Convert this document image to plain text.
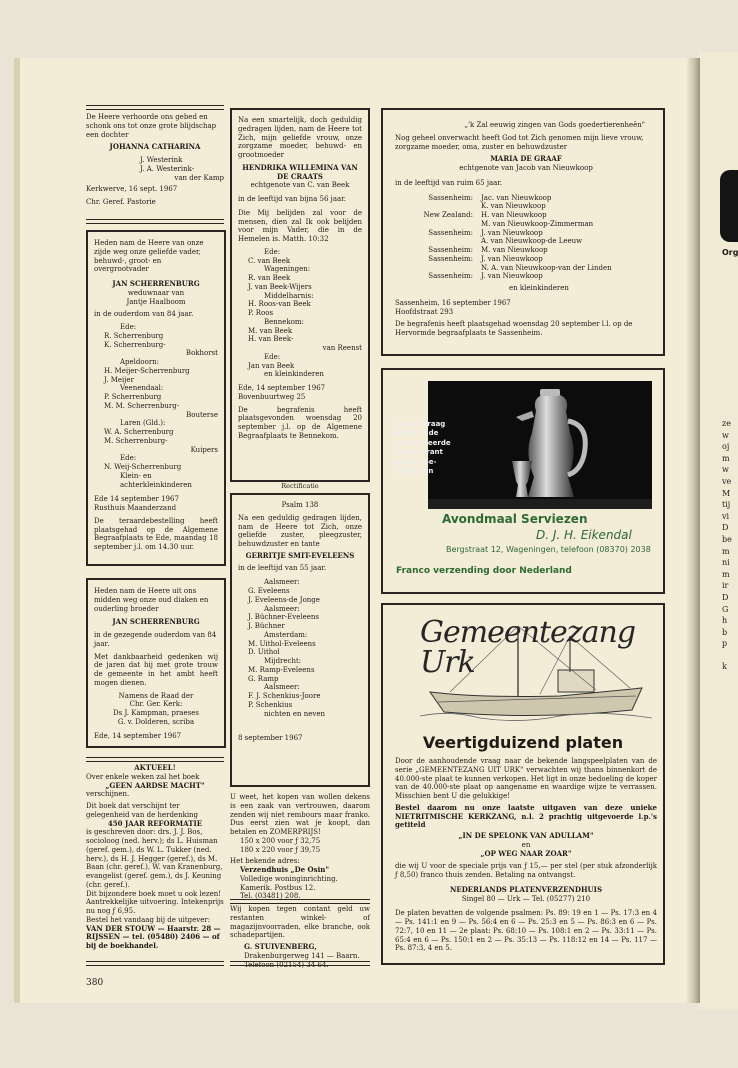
Org
ze
w
oj
m
w
ve
M
tij
vi
D
be
m
ni
m
ir
D
G
h
b
p
k

De Heere verhoorde ons gebed en schonk ons tot onze grote blijdschap een dochter

JOHANNA CATHARINA

J. Westerink

J. A. Westerink-

van der Kamp

Kerkwerve, 16 sept. 1967

Chr. Geref. Pastorie

Heden nam de Heere van onze zijde weg onze geliefde vader, behuwd-, groot- en overgrootvader

JAN SCHERRENBURG

weduwnaar van

Jantje Haalboom

in de ouderdom van 84 jaar.

Ede:

R. Scherrenburg

K. Scherrenburg-

Bokhorst

Apeldoorn:

H. Meijer-Scherrenburg

J. Meijer

Veenendaal:

P. Scherrenburg

M. M. Scherrenburg-

Bouterse

Laren (Gld.):

W. A. Scherrenburg

M. Scherrenburg-

Kuipers

Ede:

N. Weij-Scherrenburg

Klein- en

achterkleinkinderen

Ede 14 september 1967

Rusthuis Maanderzand

De teraardebestelling heeft plaatsgehad op de Algemene Begraafplaats te Ede, maandag 18 september j.l. om 14.30 uur.

Heden nam de Heere uit ons midden weg onze oud diaken en ouderling broeder

JAN SCHERRENBURG

in de gezegende ouderdom van 84 jaar.

Met dankbaarheid gedenken wij de jaren dat hij met grote trouw de gemeente in het ambt heeft mogen dienen.

Namens de Raad der

Chr. Ger. Kerk:

Ds J. Kampman, praeses

G. v. Dolderen, scriba

Ede, 14 september 1967

AKTUEEL!

Over enkele weken zal het boek

„GEEN AARDSE MACHT"

verschijnen.

Dit boek dat verschijnt ter gelegenheid van de herdenking

450 JAAR REFORMATIE

is geschreven door: drs. J. J. Bos, socioloog (ned. herv.); ds L. Huisman (geref. gem.), ds W. L. Tukker (ned. herv.), ds H. J. Hegger (geref.), ds M. Baan (chr. geref.), W. van Kranenburg, evangelist (geref. gem.), ds J. Keuning (chr. geref.).

Dit bijzondere boek moet u ook lezen!

Aantrekkelijke uitvoering. Intekenprijs nu nog ƒ 6,95.

Bestel het vandaag bij de uitgever:

VAN DER STOUW — Haarstr. 28 — RIJSSEN — tel. (05480) 2406 — of bij de boekhandel.

Na een smartelijk, doch geduldig gedragen lijden, nam de Heere tot Zich, mijn geliefde vrouw, onze zorgzame moeder, behuwd- en grootmoeder

HENDRIKA WILLEMINA VAN DE CRAATS

echtgenote van C. van Beek

in de leeftijd van bijna 56 jaar.

Die Mij belijden zal voor de mensen, dien zal Ik ook belijden voor mijn Vader, die in de Hemelen is. Matth. 10:32

Ede:

C. van Beek

Wageningen:

R. van Beek

J. van Beek-Wijers

Middelharnis:

H. Roos-van Beek

P. Roos

Bennekom:

M. van Beek

H. van Beek-

van Reenst

Ede:

Jan van Beek

en kleinkinderen

Ede, 14 september 1967

Bovenbuurtweg 25

De begrafenis heeft plaatsgevonden woensdag 20 september j.l. op de Algemene Begraafplaats te Bennekom.

Rectificatie

Psalm 138

Na een geduldig gedragen lijden, nam de Heere tot Zich, onze geliefde zuster, pleegzuster, behuwdzuster en tante

GERRITJE SMIT-EVELEENS

in de leeftijd van 55 jaar.

Aalsmeer:

G. Eveleens

J. Eveleens-de Jonge

Aalsmeer:

J. Büchner-Eveleens

J. Büchner

Amsterdam:

M. Uithol-Eveleens

D. Uithol

Mijdrecht:

M. Ramp-Eveleens

G. Ramp

Aalsmeer:

F. J. Schenkius-Joore

P. Schenkius

nichten en neven

8 september 1967

U weet, het kopen van wollen dekens is een zaak van vertrouwen, daarom zenden wij niet rembours maar franko. Dus eerst zien wat je koopt, dan betalen en ZOMERPRIJS!

150 x 200 voor ƒ 32,75

180 x 220 voor ƒ 39,75

Het bekende adres:

Verzendhuis „De Osin"

Volledige woninginrichting.

Kamerik. Postbus 12.

Tel. (03481) 208.

Wij kopen tegen contant geld uw restanten winkel- of magazijnvoorraden, elke branche, ook schadepartijen.

G. STUIVENBERG,

Drakenburgerweg 141 — Baarn.

Telefoon (02154) 34 64.

„'k Zal eeuwig zingen van Gods goedertierenheên"

Nog geheel onverwacht heeft God tot Zich genomen mijn lieve vrouw, zorgzame moeder, oma, zuster en behuwdzuster

MARIA DE GRAAF

echtgenote van Jacob van Nieuwkoop

in de leeftijd van ruim 65 jaar.

Sassenheim:	Jac. van Nieuwkoop
K. van Nieuwkoop
New Zealand:	H. van Nieuwkoop
M. van Nieuwkoop-Zimmerman
Sassenheim:	J. van Nieuwkoop
A. van Nieuwkoop-de Leeuw
Sassenheim:	M. van Nieuwkoop
Sassenheim:	J. van Nieuwkoop
N. A. van Nieuwkoop-van der Linden
Sassenheim:	J. van Nieuwkoop

en kleinkinderen

Sassenheim, 16 september 1967

Hoofdstraat 293

De begrafenis heeft plaatsgehad woensdag 20 september l.l. op de Hervormde begraafplaats te Sassenheim.

Op aanvraag

wordt U de

geïllustreerde

prijscourant

gratis toe-

gezonden

Avondmaal Serviezen
D. J. H. Eikendal
Bergstraat 12, Wageningen, telefoon (08370) 2038
Franco verzending door Nederland
Gemeentezang Urk
Veertigduizend platen

Door de aanhoudende vraag naar de bekende langspeelplaten van de serie „GEMEENTEZANG UIT URK" verwachten wij thans binnenkort de 40.000-ste plaat te kunnen verkopen. Het ligt in onze bedoeling de koper van de 40.000-ste plaat op aangename en waardige wijze te verrassen. Misschien bent U die gelukkige!

Bestel daarom nu onze laatste uitgaven van deze unieke NIETRITMISCHE KERKZANG, n.l. 2 prachtig uitgevoerde l.p.'s getiteld

„IN DE SPELONK VAN ADULLAM"

en

„OP WEG NAAR ZOAR"

die wij U voor de speciale prijs van ƒ 15,— per stel (per stuk afzonderlijk ƒ 8,50) franco thuis zenden. Betaling na ontvangst.

NEDERLANDS PLATENVERZENDHUIS

Singel 80 — Urk — Tel. (05277) 210

De platen bevatten de volgende psalmen: Ps. 89: 19 en 1 — Ps. 17:3 en 4 — Ps. 141:1 en 9 — Ps. 56:4 en 6 — Ps. 25:3 en 5 — Ps. 86:3 en 6 — Ps. 72:7, 10 en 11 — 2e plaat: Ps. 68:10 — Ps. 108:1 en 2 — Ps. 33:11 — Ps. 65:4 en 6 — Ps. 150:1 en 2 — Ps. 35:13 — Ps. 118:12 en 14 — Ps. 117 — Ps. 87:3, 4 en 5.

380
